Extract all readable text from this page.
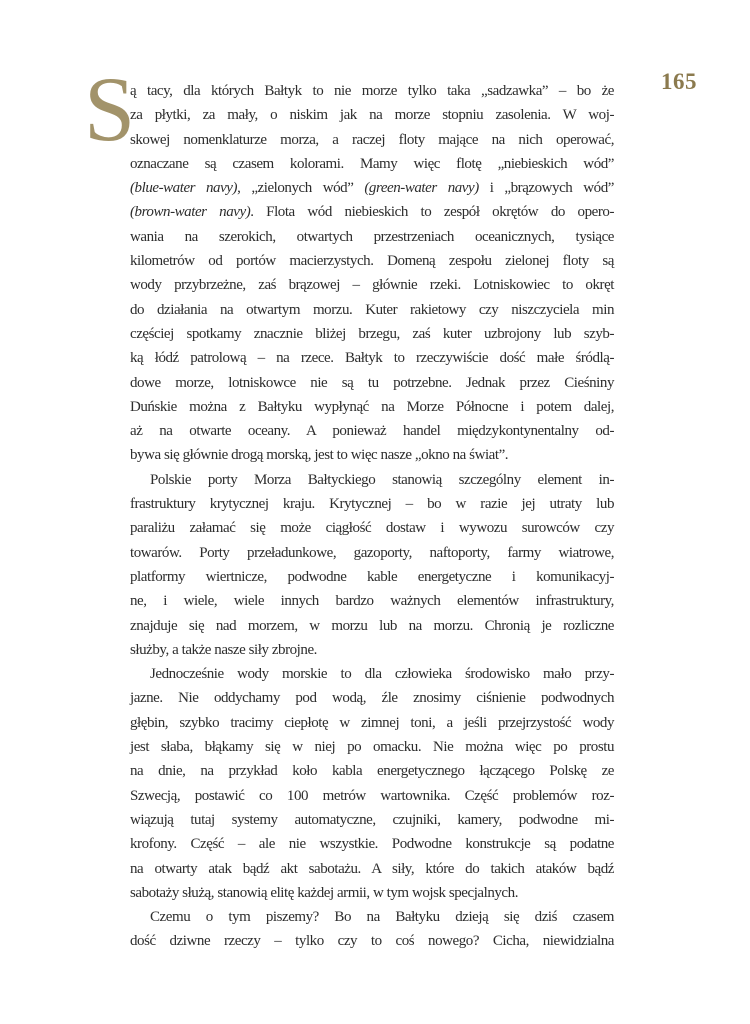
165
S
ą tacy, dla których Bałtyk to nie morze tylko taka „sadzawka” – bo że
za płytki, za mały, o niskim jak na morze stopniu zasolenia. W woj-
skowej nomenklaturze morza, a raczej floty mające na nich operować,
oznaczane są czasem kolorami. Mamy więc flotę „niebieskich wód”
(blue-water navy), „zielonych wód” (green-water navy) i „brązowych wód”
(brown-water navy). Flota wód niebieskich to zespół okrętów do opero-
wania na szerokich, otwartych przestrzeniach oceanicznych, tysiące
kilometrów od portów macierzystych. Domeną zespołu zielonej floty są
wody przybrzeżne, zaś brązowej – głównie rzeki. Lotniskowiec to okręt
do działania na otwartym morzu. Kuter rakietowy czy niszczyciela min
częściej spotkamy znacznie bliżej brzegu, zaś kuter uzbrojony lub szyb-
ką łódź patrolową – na rzece. Bałtyk to rzeczywiście dość małe śródlą-
dowe morze, lotniskowce nie są tu potrzebne. Jednak przez Cieśniny
Duńskie można z Bałtyku wypłynąć na Morze Północne i potem dalej,
aż na otwarte oceany. A ponieważ handel międzykontynentalny od-
bywa się głównie drogą morską, jest to więc nasze „okno na świat”.
Polskie porty Morza Bałtyckiego stanowią szczególny element in-
frastruktury krytycznej kraju. Krytycznej – bo w razie jej utraty lub
paraliżu załamać się może ciągłość dostaw i wywozu surowców czy
towarów. Porty przeładunkowe, gazoporty, naftoporty, farmy wiatrowe,
platformy wiertnicze, podwodne kable energetyczne i komunikacyj-
ne, i wiele, wiele innych bardzo ważnych elementów infrastruktury,
znajduje się nad morzem, w morzu lub na morzu. Chronią je rozliczne
służby, a także nasze siły zbrojne.
Jednocześnie wody morskie to dla człowieka środowisko mało przy-
jazne. Nie oddychamy pod wodą, źle znosimy ciśnienie podwodnych
głębin, szybko tracimy ciepłotę w zimnej toni, a jeśli przejrzystość wody
jest słaba, błąkamy się w niej po omacku. Nie można więc po prostu
na dnie, na przykład koło kabla energetycznego łączącego Polskę ze
Szwecją, postawić co 100 metrów wartownika. Część problemów roz-
wiązują tutaj systemy automatyczne, czujniki, kamery, podwodne mi-
krofony. Część – ale nie wszystkie. Podwodne konstrukcje są podatne
na otwarty atak bądź akt sabotażu. A siły, które do takich ataków bądź
sabotaży służą, stanowią elitę każdej armii, w tym wojsk specjalnych.
Czemu o tym piszemy? Bo na Bałtyku dzieją się dziś czasem
dość dziwne rzeczy – tylko czy to coś nowego? Cicha, niewidzialna
